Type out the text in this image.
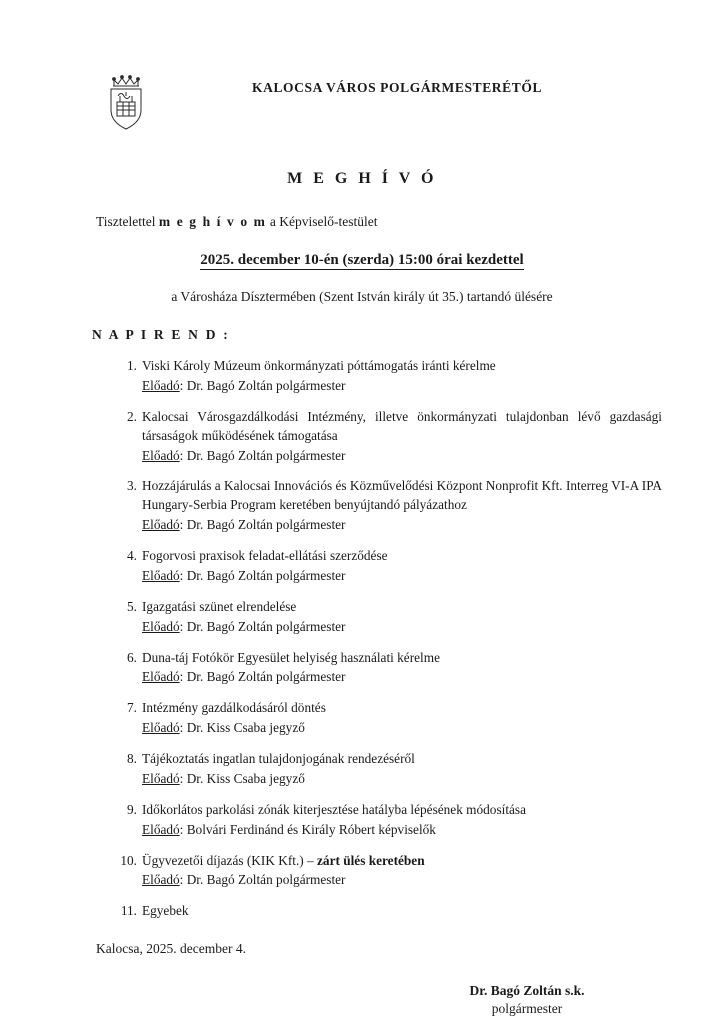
KALOCSA VÁROS POLGÁRMESTERÉTŐL
M E G H Í V Ó
Tisztelettel m e g h í v o m a Képviselő-testület
2025. december 10-én (szerda) 15:00 órai kezdettel
a Városháza Dísztermében (Szent István király út 35.) tartandó ülésére
N A P I R E N D :
1. Viski Károly Múzeum önkormányzati póttámogatás iránti kérelme
Előadó: Dr. Bagó Zoltán polgármester
2. Kalocsai Városgazdálkodási Intézmény, illetve önkormányzati tulajdonban lévő gazdasági társaságok működésének támogatása
Előadó: Dr. Bagó Zoltán polgármester
3. Hozzájárulás a Kalocsai Innovációs és Közművelődési Központ Nonprofit Kft. Interreg VI-A IPA Hungary-Serbia Program keretében benyújtandó pályázathoz
Előadó: Dr. Bagó Zoltán polgármester
4. Fogorvosi praxisok feladat-ellátási szerződése
Előadó: Dr. Bagó Zoltán polgármester
5. Igazgatási szünet elrendelése
Előadó: Dr. Bagó Zoltán polgármester
6. Duna-táj Fotókör Egyesület helyiség használati kérelme
Előadó: Dr. Bagó Zoltán polgármester
7. Intézmény gazdálkodásáról döntés
Előadó: Dr. Kiss Csaba jegyző
8. Tájékoztatás ingatlan tulajdonjogának rendezéséről
Előadó: Dr. Kiss Csaba jegyző
9. Időkorlátos parkolási zónák kiterjesztése hatályba lépésének módosítása
Előadó: Bolvári Ferdinánd és Király Róbert képviselők
10. Ügyvezetői díjazás (KIK Kft.) – zárt ülés keretében
Előadó: Dr. Bagó Zoltán polgármester
11. Egyebek
Kalocsa, 2025. december 4.
Dr. Bagó Zoltán s.k.
polgármester
